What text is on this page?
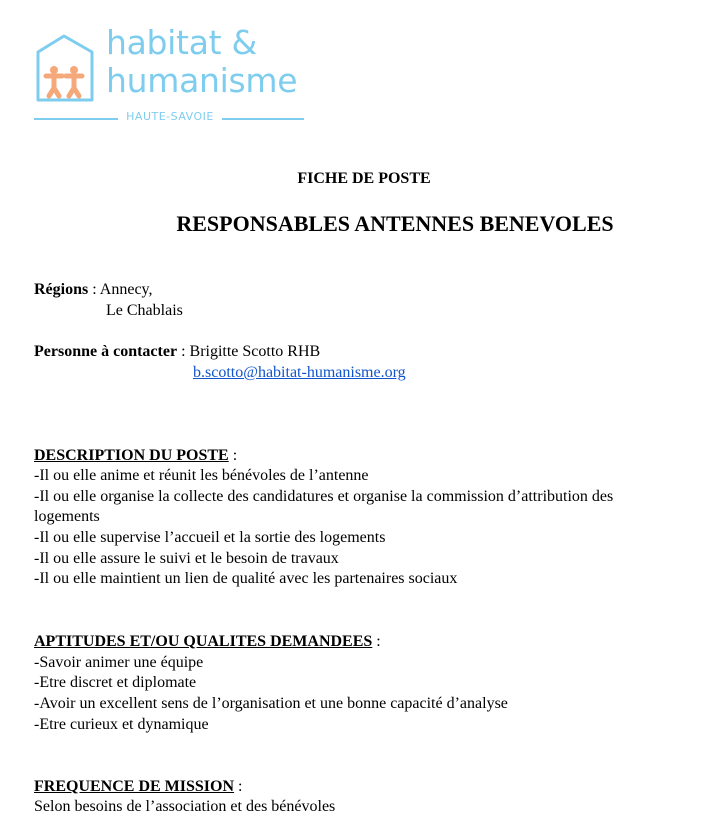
habitat &
humanisme
HAUTE-SAVOIE
FICHE DE POSTE
RESPONSABLES ANTENNES BENEVOLES
Régions : Annecy,
Le Chablais
Personne à contacter : Brigitte Scotto RHB
b.scotto@habitat-humanisme.org
DESCRIPTION DU POSTE :
-Il ou elle anime et réunit les bénévoles de l’antenne
-Il ou elle organise la collecte des candidatures et organise la commission d’attribution des
logements
-Il ou elle supervise l’accueil et la sortie des logements
-Il ou elle assure le suivi et le besoin de travaux
-Il ou elle maintient un lien de qualité avec les partenaires sociaux
APTITUDES ET/OU QUALITES DEMANDEES :
-Savoir animer une équipe
-Etre discret et diplomate
-Avoir un excellent sens de l’organisation et une bonne capacité d’analyse
-Etre curieux et dynamique
FREQUENCE DE MISSION :
Selon besoins de l’association et des bénévoles
